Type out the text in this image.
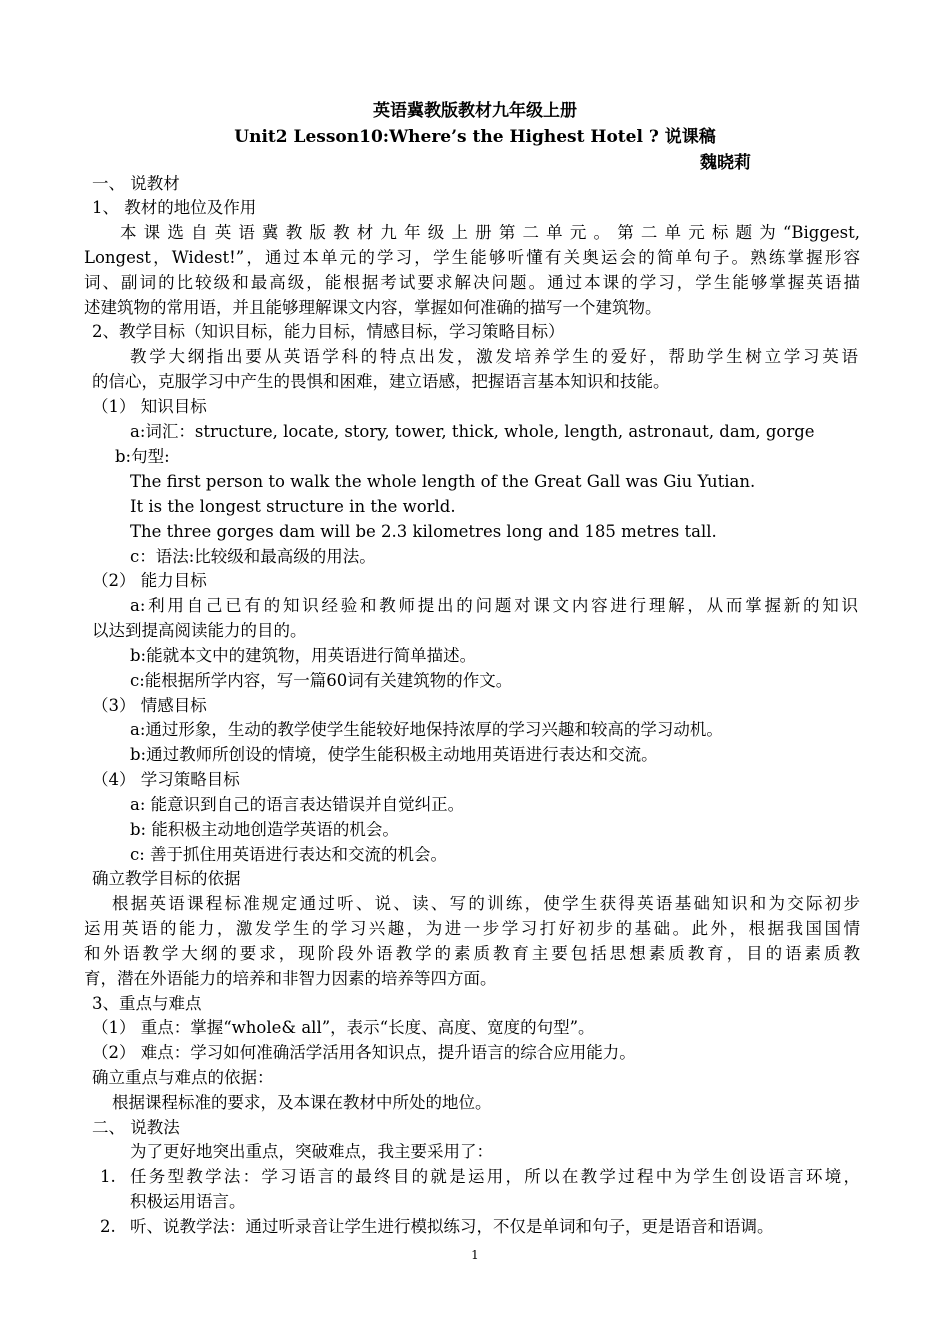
英语冀教版教材九年级上册
Unit2 Lesson10:Where’s the Highest Hotel ? 说课稿
魏晓莉
一、 说教材
1、 教材的地位及作用
本课选自英语冀教版教材九年级上册第二单元。第二单元标题为“Biggest,
Longest，Widest!”，通过本单元的学习，学生能够听懂有关奥运会的简单句子。熟练掌握形容
词、副词的比较级和最高级，能根据考试要求解决问题。通过本课的学习，学生能够掌握英语描
述建筑物的常用语，并且能够理解课文内容，掌握如何准确的描写一个建筑物。
2、教学目标（知识目标，能力目标，情感目标，学习策略目标）
教学大纲指出要从英语学科的特点出发，激发培养学生的爱好，帮助学生树立学习英语
的信心，克服学习中产生的畏惧和困难，建立语感，把握语言基本知识和技能。
（1） 知识目标
a:词汇：structure, locate, story, tower, thick, whole, length, astronaut, dam, gorge
b:句型:
The first person to walk the whole length of the Great Gall was Giu Yutian.
It is the longest structure in the world.
The three gorges dam will be 2.3 kilometres long and 185 metres tall.
c：语法:比较级和最高级的用法。
（2） 能力目标
a:利用自己已有的知识经验和教师提出的问题对课文内容进行理解，从而掌握新的知识
以达到提高阅读能力的目的。
b:能就本文中的建筑物，用英语进行简单描述。
c:能根据所学内容，写一篇60词有关建筑物的作文。
（3） 情感目标
a:通过形象，生动的教学使学生能较好地保持浓厚的学习兴趣和较高的学习动机。
b:通过教师所创设的情境，使学生能积极主动地用英语进行表达和交流。
（4） 学习策略目标
a: 能意识到自己的语言表达错误并自觉纠正。
b: 能积极主动地创造学英语的机会。
c: 善于抓住用英语进行表达和交流的机会。
确立教学目标的依据
根据英语课程标准规定通过听、说、读、写的训练，使学生获得英语基础知识和为交际初步
运用英语的能力，激发学生的学习兴趣，为进一步学习打好初步的基础。此外，根据我国国情
和外语教学大纲的要求，现阶段外语教学的素质教育主要包括思想素质教育，目的语素质教
育，潜在外语能力的培养和非智力因素的培养等四方面。
3、重点与难点
（1） 重点：掌握“whole& all”，表示“长度、高度、宽度的句型”。
（2） 难点：学习如何准确活学活用各知识点，提升语言的综合应用能力。
确立重点与难点的依据：
根据课程标准的要求，及本课在教材中所处的地位。
二、 说教法
为了更好地突出重点，突破难点，我主要采用了：
1. 任务型教学法：学习语言的最终目的就是运用，所以在教学过程中为学生创设语言环境，
积极运用语言。
2. 听、说教学法：通过听录音让学生进行模拟练习，不仅是单词和句子，更是语音和语调。
1
